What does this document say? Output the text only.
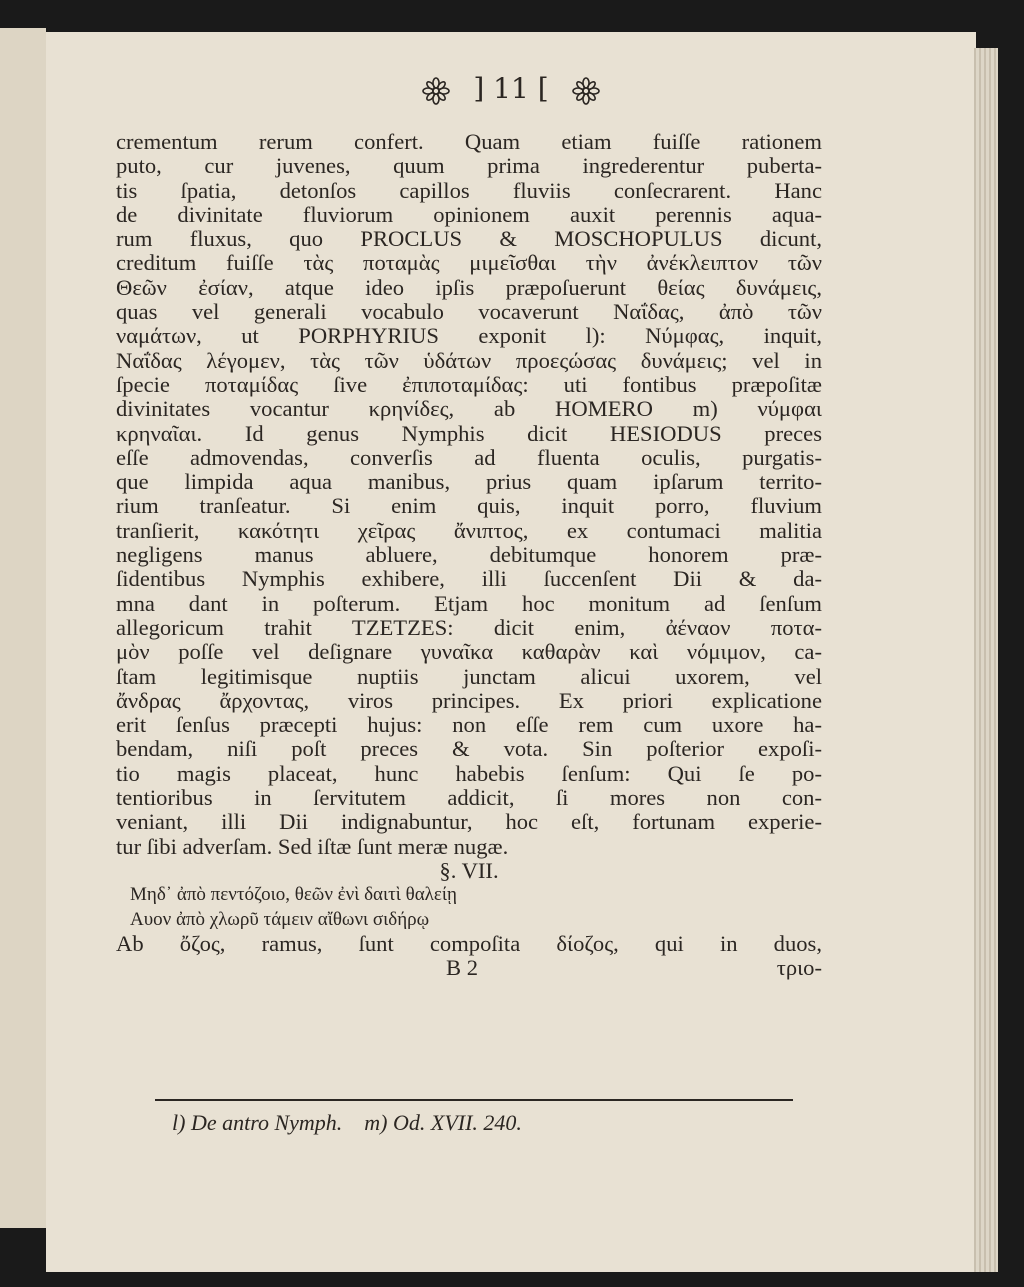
] 11 [
crementum rerum confert. Quam etiam fuiſſe rationem
puto, cur juvenes, quum prima ingrederentur puberta-
tis ſpatia, detonſos capillos fluviis conſecrarent. Hanc
de divinitate fluviorum opinionem auxit perennis aqua-
rum fluxus, quo PROCLUS & MOSCHOPULUS dicunt,
creditum fuiſſe τὰς ποταμὰς μιμεῖσθαι τὴν ἀνέκλειπτον τῶν
Θεῶν ἐσίαν, atque ideo ipſis præpoſuerunt θείας δυνάμεις,
quas vel generali vocabulo vocaverunt Ναΐδας, ἀπὸ τῶν
ναμάτων, ut PORPHYRIUS exponit l): Νύμφας, inquit,
Ναΐδας λέγομεν, τὰς τῶν ὑδάτων προεςώσας δυνάμεις; vel in
ſpecie ποταμίδας ſive ἐπιποταμίδας: uti fontibus præpoſitæ
divinitates vocantur κρηνίδες, ab HOMERO m) νύμφαι
κρηναῖαι. Id genus Nymphis dicit HESIODUS preces
eſſe admovendas, converſis ad fluenta oculis, purgatis-
que limpida aqua manibus, prius quam ipſarum territo-
rium tranſeatur. Si enim quis, inquit porro, fluvium
tranſierit, κακότητι χεῖρας ἄνιπτος, ex contumaci malitia
negligens manus abluere, debitumque honorem præ-
ſidentibus Nymphis exhibere, illi ſuccenſent Dii & da-
mna dant in poſterum. Etjam hoc monitum ad ſenſum
allegoricum trahit TZETZES: dicit enim, ἀέναον ποτα-
μὸν poſſe vel deſignare γυναῖκα καθαρὰν καὶ νόμιμον, ca-
ſtam legitimisque nuptiis junctam alicui uxorem, vel
ἄνδρας ἄρχοντας, viros principes. Ex priori explicatione
erit ſenſus præcepti hujus: non eſſe rem cum uxore ha-
bendam, niſi poſt preces & vota. Sin poſterior expoſi-
tio magis placeat, hunc habebis ſenſum: Qui ſe po-
tentioribus in ſervitutem addicit, ſi mores non con-
veniant, illi Dii indignabuntur, hoc eſt, fortunam experie-
tur ſibi adverſam. Sed iſtæ ſunt meræ nugæ.
§. VII.
Μηδ᾽ ἀπὸ πεντόζοιο, θεῶν ἐνὶ δαιτὶ θαλείῃ
Αυον ἀπὸ χλωρῦ τάμειν αἴθωνι σιδήρῳ
Ab ὄζος, ramus, ſunt compoſita δίοζος, qui in duos,
B 2	τριο-
l) De antro Nymph.    m) Od. XVII. 240.
